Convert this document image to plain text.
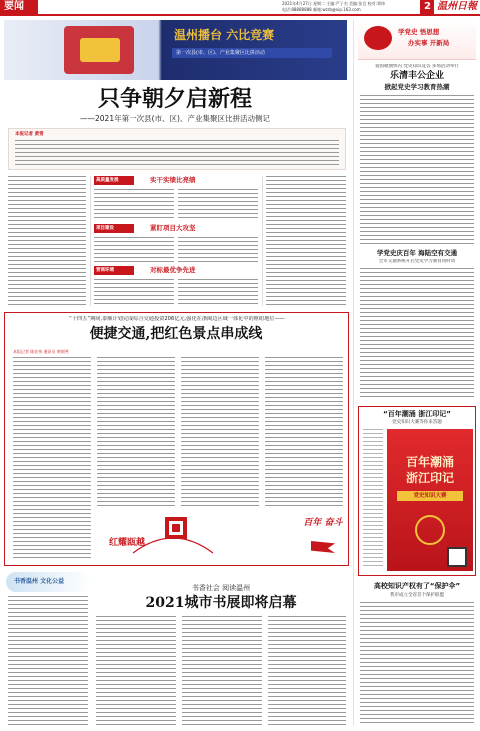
要闻	2021年4月27日 星期二 主编:严子杰 美编:张宜 校对:郑炜
电话:88888888 邮箱:wzrb@vip.163.com	2 温州日報
温州播台 六比竞赛
第一次县(市、区)、产业集聚区比拼活动
只争朝夕启新程
——2021年第一次县(市、区)、产业集聚区比拼活动侧记
本报记者 黄雪
高质量发展	实干实绩比亮绩
项目建设	紧盯项目大攻坚
营商环境	对标最优争先进
“十四五”期间,泰顺计划完成综合交通投资206亿元,强化在浙闽边区域一体化中的枢纽地位——
便捷交通,把红色景点串成线
本报记者 陈宏伟 通讯员 黄细笑
红耀瓯越
百年 奋斗
书香温州 文化公益
书香社会 阅读温州
2021城市书展即将启幕
学党史 悟思想
办实事 开新局
爱国歌曲快闪 党史知识竞答 多场活动举行
乐清丰公企业
掀起党史学习教育热潮
学党史庆百年 海陆空有交通
全市交通系统开启党史学习教育同时动
“百年潮涌 浙江印记”
党史知识大赛等你来答题
百年潮涌
浙江印记
党史知识大赛
高校知识产权有了“保护伞”
我市成立全省首个保护联盟
